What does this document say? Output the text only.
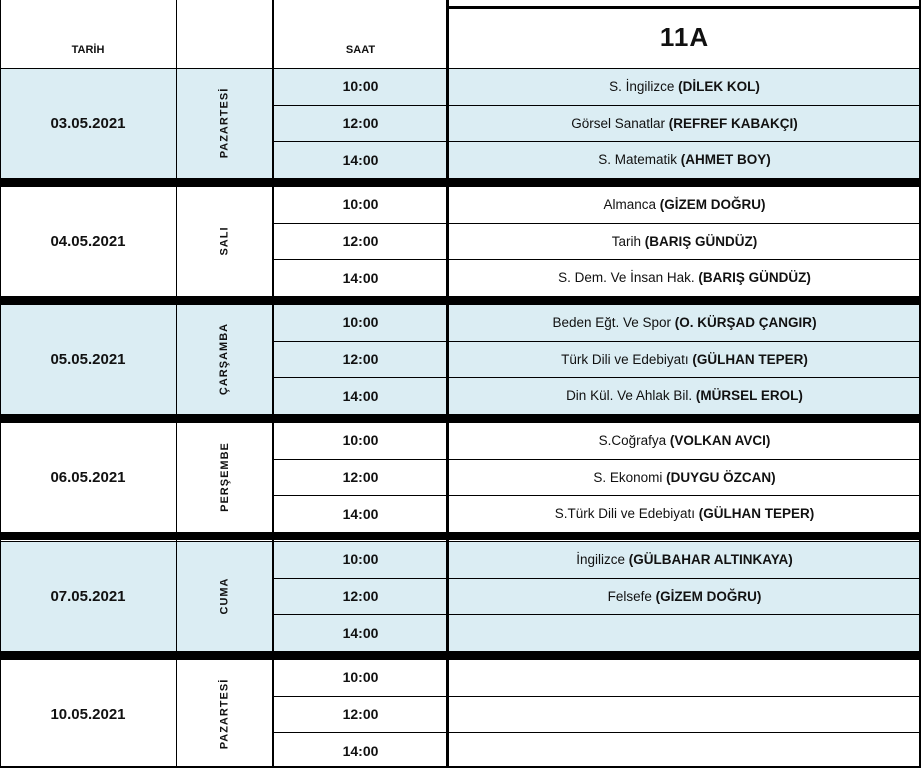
TARİH	SAAT	11A
03.05.2021	PAZARTESİ
10:00	S. İngilizce (DİLEK KOL)
12:00	Görsel Sanatlar (REFREF KABAKÇI)
14:00	S. Matematik (AHMET BOY)
04.05.2021	SALI
10:00	Almanca (GİZEM DOĞRU)
12:00	Tarih (BARIŞ GÜNDÜZ)
14:00	S. Dem. Ve İnsan Hak. (BARIŞ GÜNDÜZ)
05.05.2021	ÇARŞAMBA
10:00	Beden Eğt. Ve Spor (O. KÜRŞAD ÇANGIR)
12:00	Türk Dili ve Edebiyatı (GÜLHAN TEPER)
14:00	Din Kül. Ve Ahlak Bil. (MÜRSEL EROL)
06.05.2021	PERŞEMBE
10:00	S.Coğrafya (VOLKAN AVCI)
12:00	S. Ekonomi (DUYGU ÖZCAN)
14:00	S.Türk Dili ve Edebiyatı (GÜLHAN TEPER)
07.05.2021	CUMA
10:00	İngilizce (GÜLBAHAR ALTINKAYA)
12:00	Felsefe (GİZEM DOĞRU)
14:00
10.05.2021	PAZARTESİ
10:00
12:00
14:00
